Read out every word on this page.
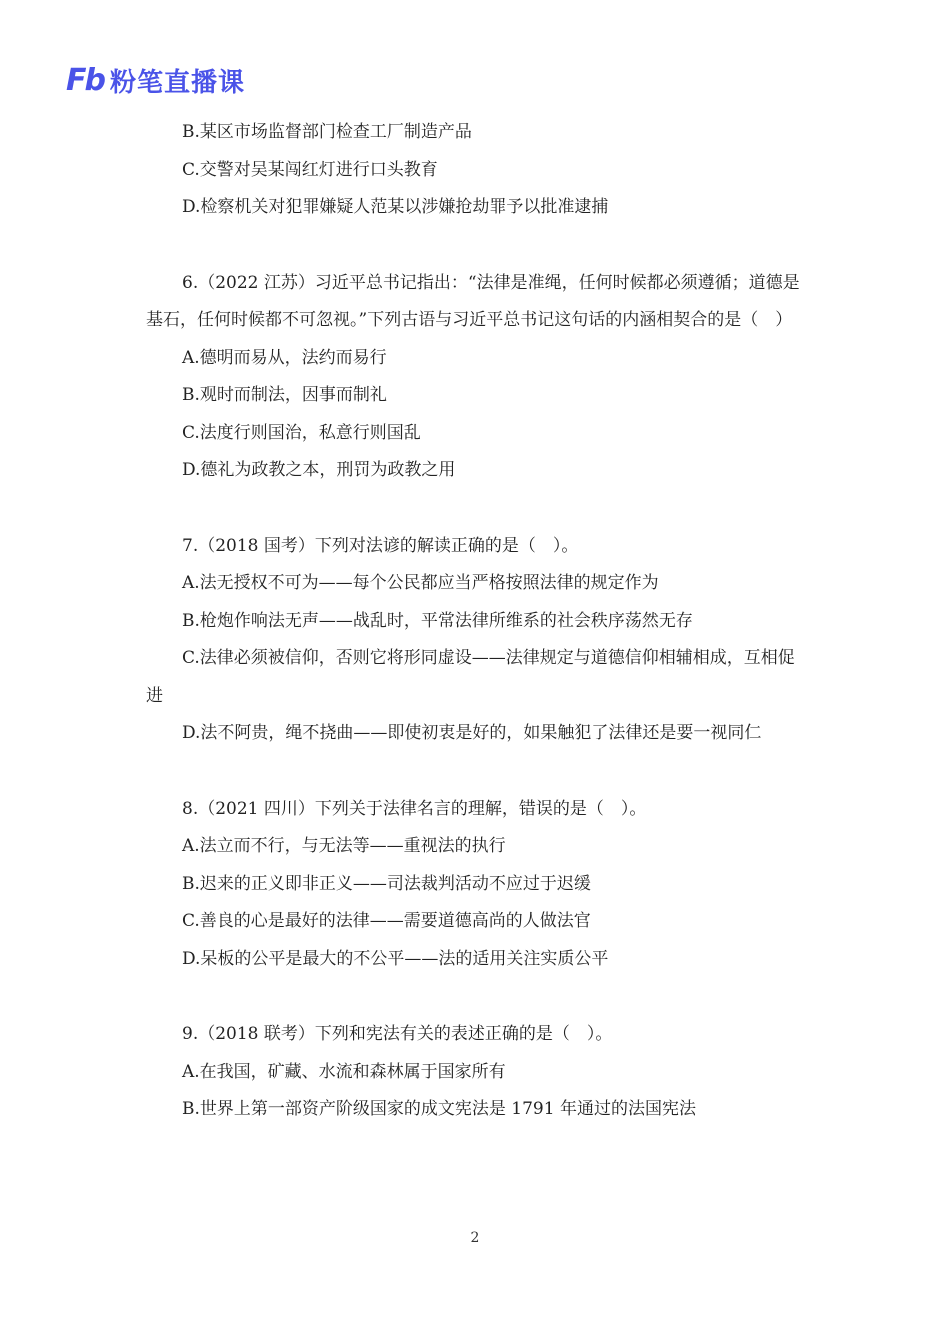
Fb 粉笔直播课

B.某区市场监督部门检查工厂制造产品

C.交警对吴某闯红灯进行口头教育

D.检察机关对犯罪嫌疑人范某以涉嫌抢劫罪予以批准逮捕

6.（2022 江苏）习近平总书记指出：“法律是准绳，任何时候都必须遵循；道德是基石，任何时候都不可忽视。”下列古语与习近平总书记这句话的内涵相契合的是（　）

A.德明而易从，法约而易行

B.观时而制法，因事而制礼

C.法度行则国治，私意行则国乱

D.德礼为政教之本，刑罚为政教之用

7.（2018 国考）下列对法谚的解读正确的是（　）。

A.法无授权不可为——每个公民都应当严格按照法律的规定作为

B.枪炮作响法无声——战乱时，平常法律所维系的社会秩序荡然无存

C.法律必须被信仰，否则它将形同虚设——法律规定与道德信仰相辅相成，互相促进

D.法不阿贵，绳不挠曲——即使初衷是好的，如果触犯了法律还是要一视同仁

8.（2021 四川）下列关于法律名言的理解，错误的是（　）。

A.法立而不行，与无法等——重视法的执行

B.迟来的正义即非正义——司法裁判活动不应过于迟缓

C.善良的心是最好的法律——需要道德高尚的人做法官

D.呆板的公平是最大的不公平——法的适用关注实质公平

9.（2018 联考）下列和宪法有关的表述正确的是（　）。

A.在我国，矿藏、水流和森林属于国家所有

B.世界上第一部资产阶级国家的成文宪法是 1791 年通过的法国宪法

2
